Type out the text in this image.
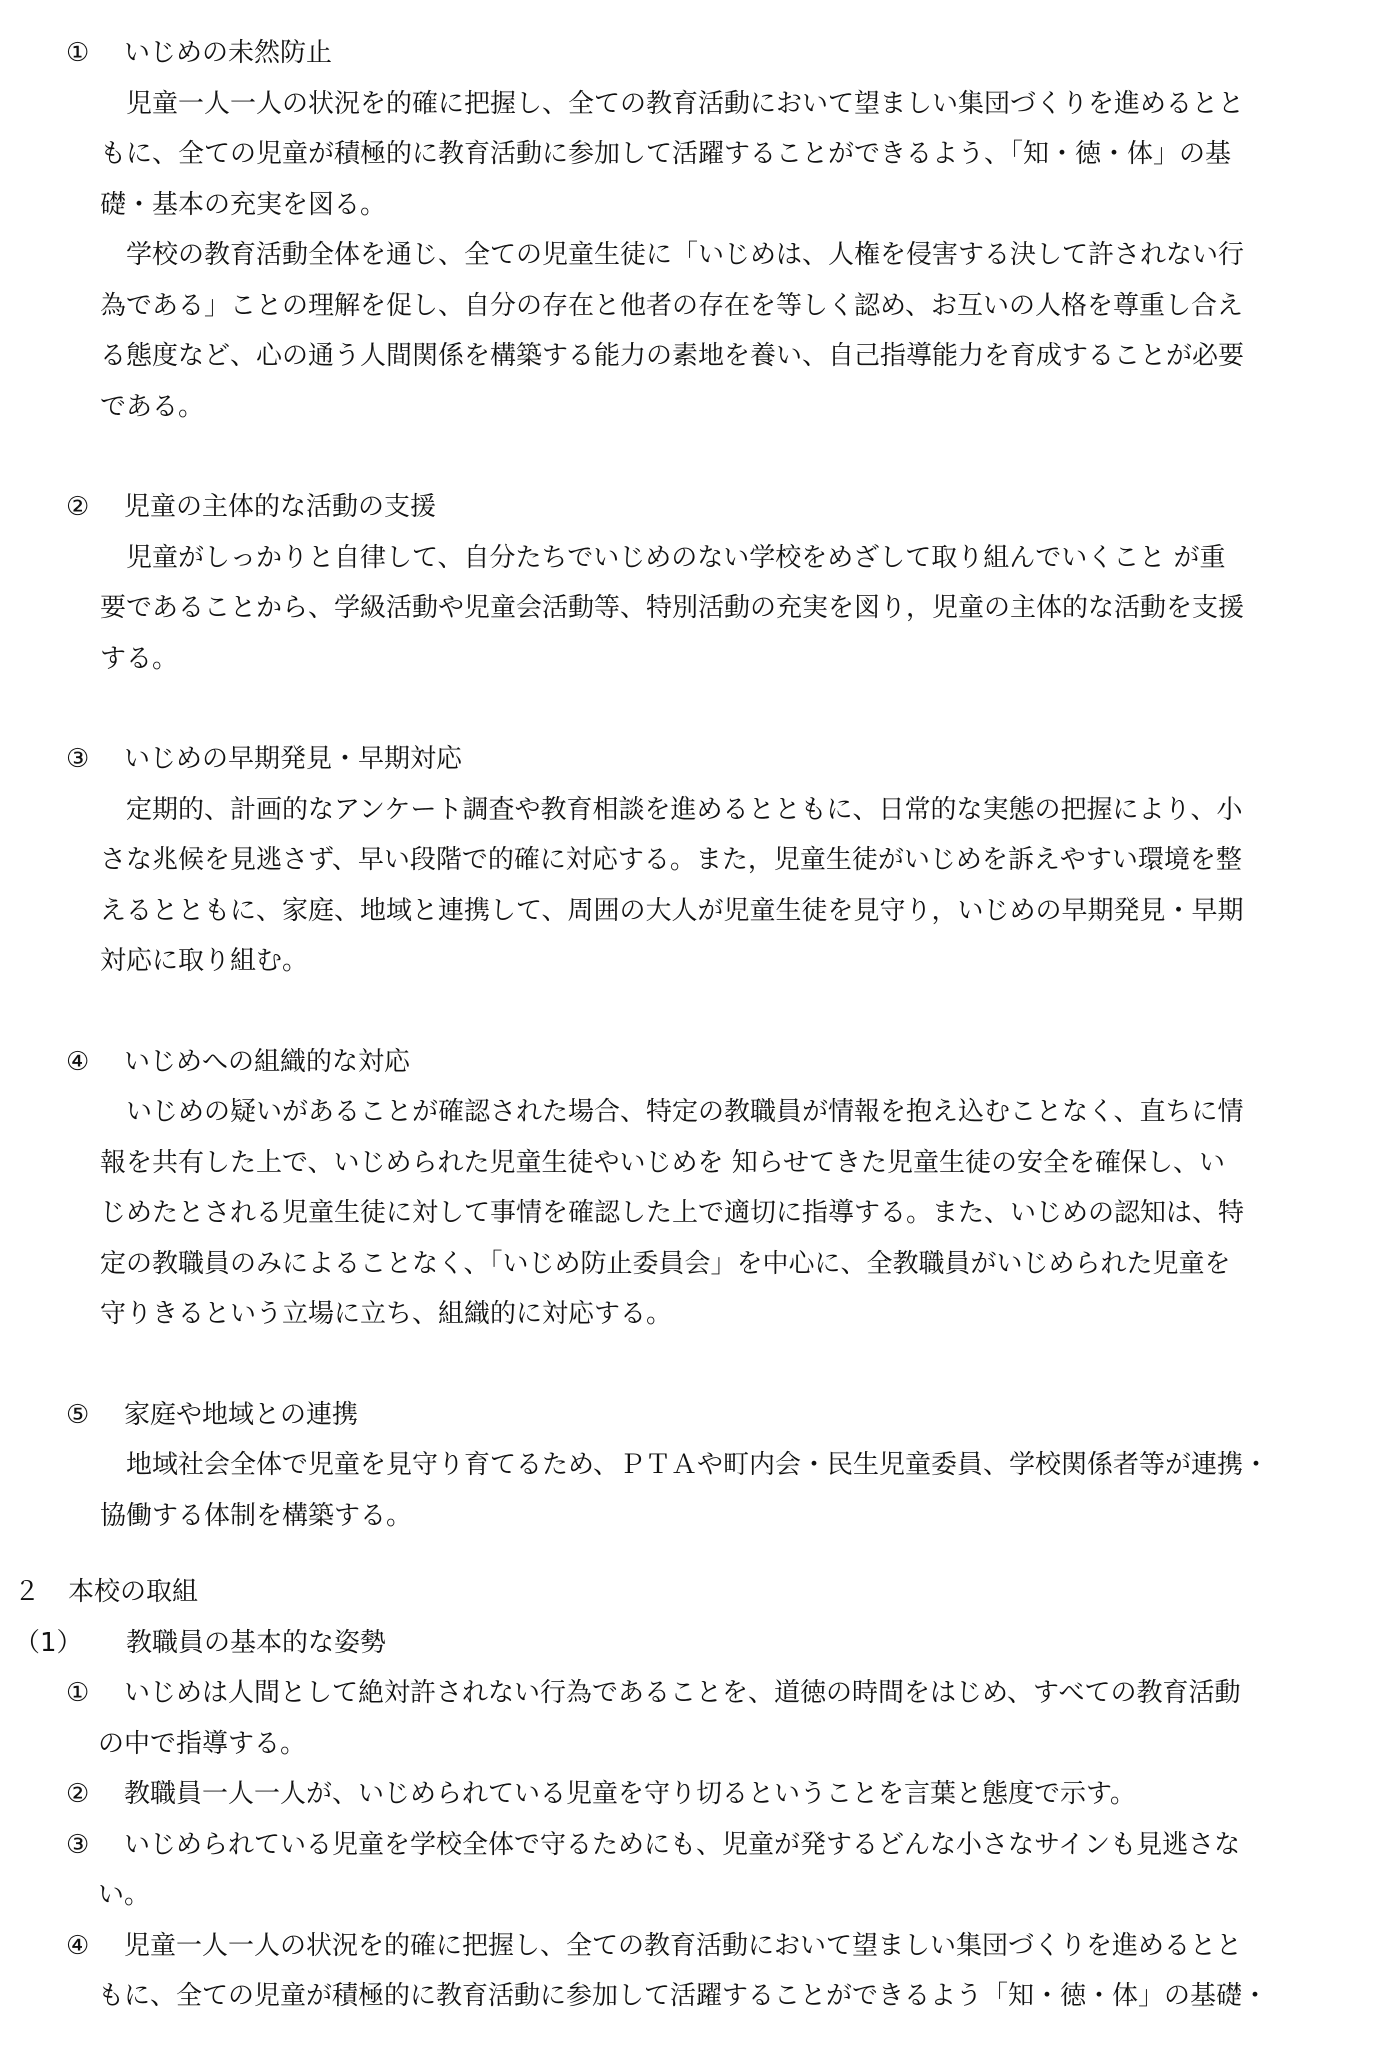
① いじめの未然防止
児童一人一人の状況を的確に把握し、全ての教育活動において望ましい集団づくりを進めるとと
もに、全ての児童が積極的に教育活動に参加して活躍することができるよう、「知・徳・体」の基
礎・基本の充実を図る。
学校の教育活動全体を通じ、全ての児童生徒に「いじめは、人権を侵害する決して許されない行
為である」ことの理解を促し、自分の存在と他者の存在を等しく認め、お互いの人格を尊重し合え
る態度など、心の通う人間関係を構築する能力の素地を養い、自己指導能力を育成することが必要
である。
② 児童の主体的な活動の支援
児童がしっかりと自律して、自分たちでいじめのない学校をめざして取り組んでいくこと が重
要であることから、学級活動や児童会活動等、特別活動の充実を図り，児童の主体的な活動を支援
する。
③ いじめの早期発見・早期対応
定期的、計画的なアンケート調査や教育相談を進めるとともに、日常的な実態の把握により、小
さな兆候を見逃さず、早い段階で的確に対応する。また，児童生徒がいじめを訴えやすい環境を整
えるとともに、家庭、地域と連携して、周囲の大人が児童生徒を見守り，いじめの早期発見・早期
対応に取り組む。
④ いじめへの組織的な対応
いじめの疑いがあることが確認された場合、特定の教職員が情報を抱え込むことなく、直ちに情
報を共有した上で、いじめられた児童生徒やいじめを 知らせてきた児童生徒の安全を確保し、い
じめたとされる児童生徒に対して事情を確認した上で適切に指導する。また、いじめの認知は、特
定の教職員のみによることなく、「いじめ防止委員会」を中心に、全教職員がいじめられた児童を
守りきるという立場に立ち、組織的に対応する。
⑤ 家庭や地域との連携
地域社会全体で児童を見守り育てるため、ＰＴＡや町内会・民生児童委員、学校関係者等が連携・
協働する体制を構築する。
２ 本校の取組
（1） 教職員の基本的な姿勢
① いじめは人間として絶対許されない行為であることを、道徳の時間をはじめ、すべての教育活動
の中で指導する。
② 教職員一人一人が、いじめられている児童を守り切るということを言葉と態度で示す。
③ いじめられている児童を学校全体で守るためにも、児童が発するどんな小さなサインも見逃さな
い。
④ 児童一人一人の状況を的確に把握し、全ての教育活動において望ましい集団づくりを進めるとと
もに、全ての児童が積極的に教育活動に参加して活躍することができるよう「知・徳・体」の基礎・
